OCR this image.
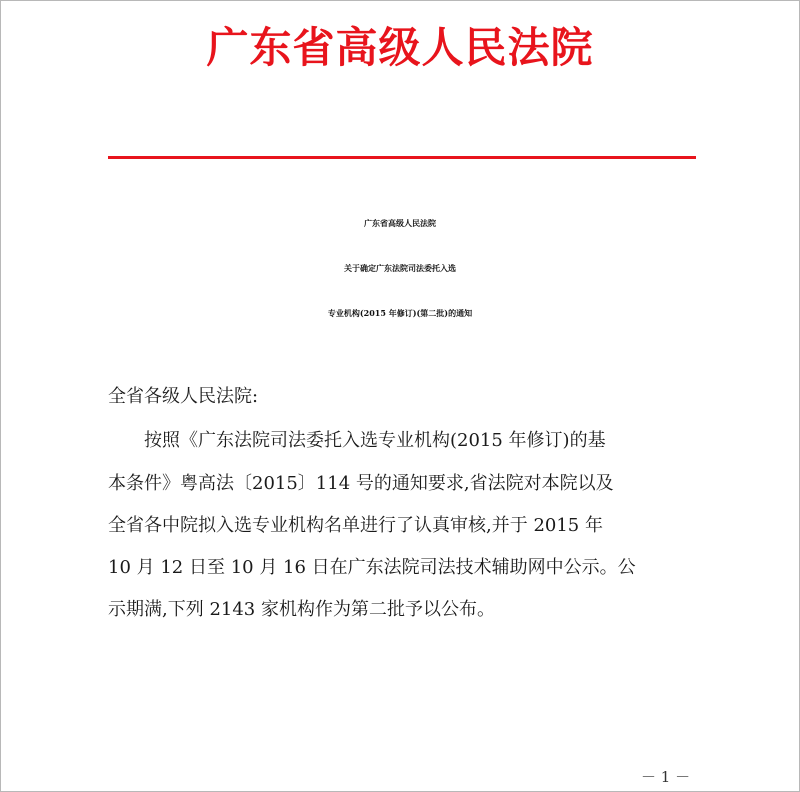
广东省高级人民法院
广东省高级人民法院
关于确定广东法院司法委托入选
专业机构(2015 年修订)(第二批)的通知
全省各级人民法院:
按照《广东法院司法委托入选专业机构(2015 年修订)的基
本条件》粤高法〔2015〕114 号的通知要求,省法院对本院以及
全省各中院拟入选专业机构名单进行了认真审核,并于 2015 年
10 月 12 日至 10 月 16 日在广东法院司法技术辅助网中公示。公
示期满,下列 2143 家机构作为第二批予以公布。
－ 1 －
